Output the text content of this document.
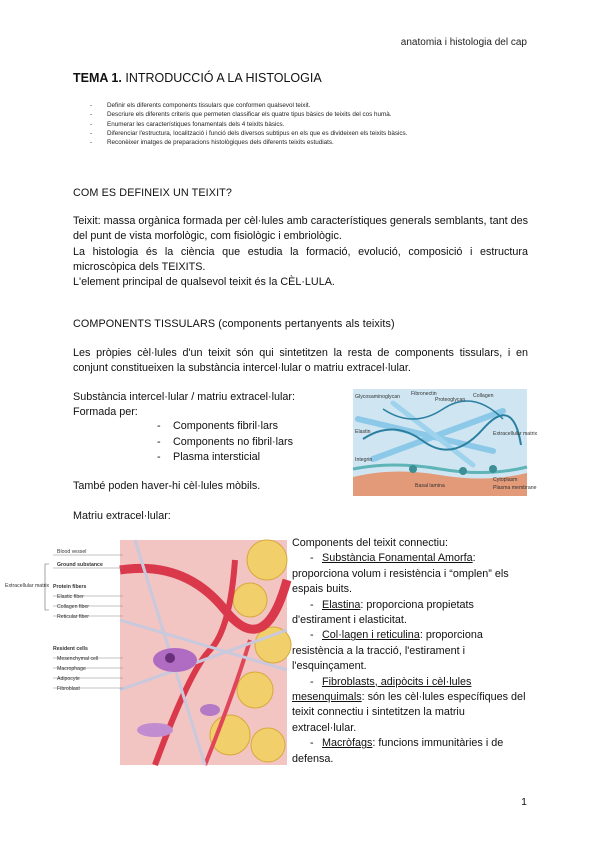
anatomia i histologia del cap
TEMA 1. INTRODUCCIÓ A LA HISTOLOGIA
- Definir els diferents components tissulars que conformen qualsevol teixit.
- Descriure els diferents criteris que permeten classificar els quatre tipus bàsics de teixits del cos humà.
- Enumerar les característiques fonamentals dels 4 teixits bàsics.
- Diferenciar l'estructura, localització i funció dels diversos subtipus en els que es divideixen els teixits bàsics.
- Reconèixer imatges de preparacions histològiques dels diferents teixits estudiats.
COM ES DEFINEIX UN TEIXIT?

Teixit: massa orgànica formada per cèl·lules amb característiques generals semblants, tant des del punt de vista morfològic, com fisiològic i embriològic.

La histologia és la ciència que estudia la formació, evolució, composició i estructura microscòpica dels TEIXITS.

L'element principal de qualsevol teixit és la CÈL·LULA.

COMPONENTS TISSULARS (components pertanyents als teixits)
Les pròpies cèl·lules d'un teixit són qui sintetitzen la resta de components tissulars, i en conjunt constitueixen la substància intercel·lular o matriu extracel·lular.

Substància intercel·lular / matriu extracel·lular:

Formada per:

- Components fibril·lars
- Components no fibril·lars
- Plasma intersticial
També poden haver-hi cèl·lules mòbils.
Matriu extracel·lular:
Glycosaminoglycan Fibronectin
Proteoglycan
Collagen
Elastin
Basal lamina
Extracellular matrix
Integrin
Cytoplasm
Plasma membrane
Blood vessel
Ground substance
Protein fibers
Elastic fiber
Collagen fiber
Reticular fiber
Resident cells
Mesenchymal cell
Macrophage
Adipocyte
Fibroblast
Extracellular matrix

Components del teixit connectiu:

- Substància Fonamental Amorfa: proporciona volum i resistència i “omplen” els espais buits.

- Elastina: proporciona propietats d'estirament i elasticitat.

- Col·lagen i reticulina: proporciona resistència a la tracció, l'estirament i l'esquinçament.

- Fibroblasts, adipòcits i cèl·lules mesenquimals: són les cèl·lules específiques del teixit connectiu i sintetitzen la matriu extracel·lular.

- Macròfags: funcions immunitàries i de defensa.

1
